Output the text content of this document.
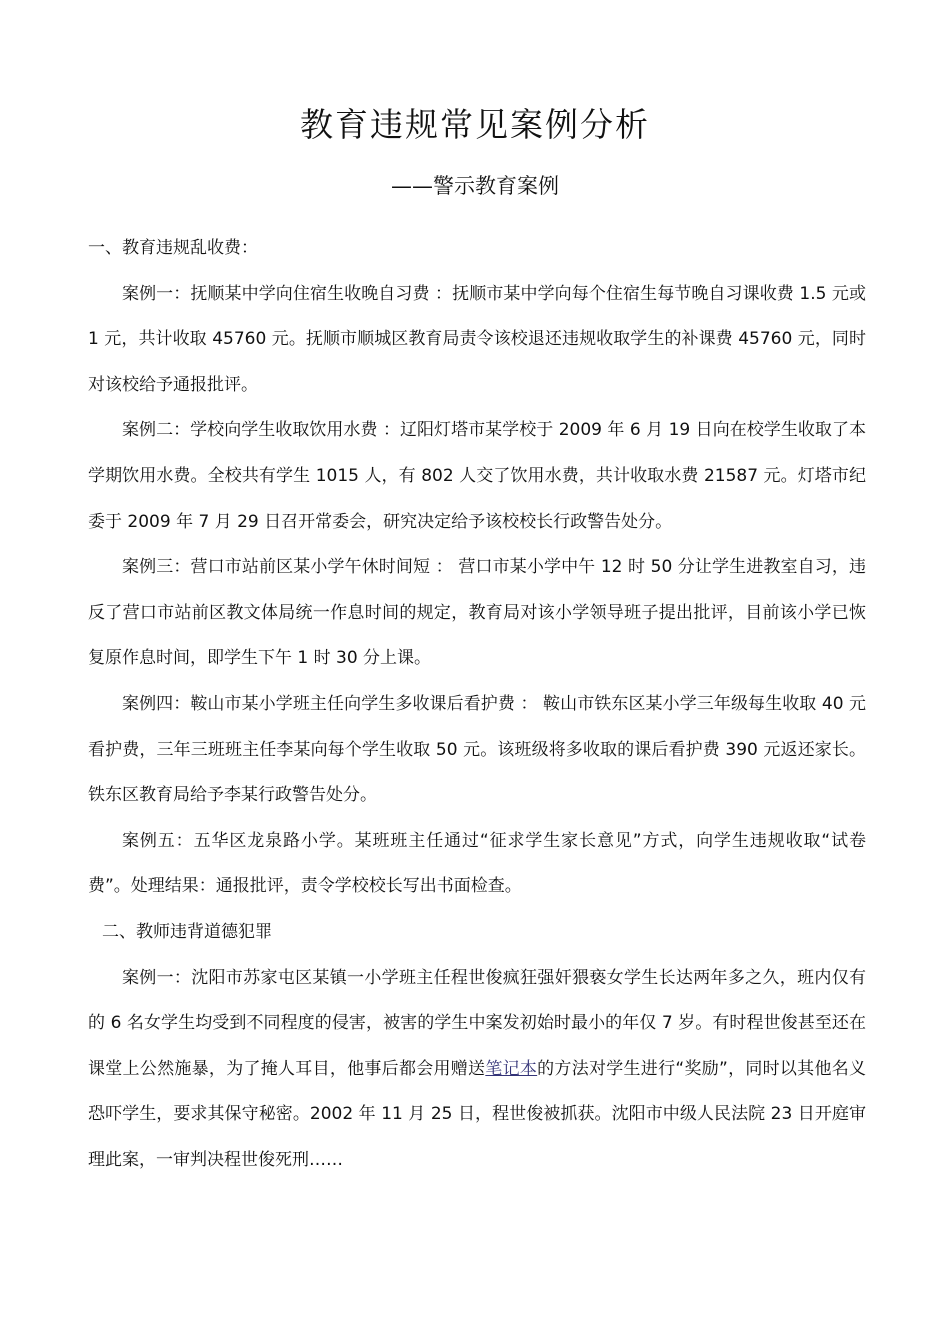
教育违规常见案例分析
——警示教育案例

一、教育违规乱收费：

案例一：抚顺某中学向住宿生收晚自习费 ：抚顺市某中学向每个住宿生每节晚自习课收费 1.5 元或 1 元，共计收取 45760 元。抚顺市顺城区教育局责令该校退还违规收取学生的补课费 45760 元，同时对该校给予通报批评。

案例二：学校向学生收取饮用水费 ：辽阳灯塔市某学校于 2009 年 6 月 19 日向在校学生收取了本学期饮用水费。全校共有学生 1015 人，有 802 人交了饮用水费，共计收取水费 21587 元。灯塔市纪委于 2009 年 7 月 29 日召开常委会，研究决定给予该校校长行政警告处分。

案例三：营口市站前区某小学午休时间短 ： 营口市某小学中午 12 时 50 分让学生进教室自习，违反了营口市站前区教文体局统一作息时间的规定，教育局对该小学领导班子提出批评，目前该小学已恢复原作息时间，即学生下午 1 时 30 分上课。

案例四：鞍山市某小学班主任向学生多收课后看护费 ： 鞍山市铁东区某小学三年级每生收取 40 元看护费，三年三班班主任李某向每个学生收取 50 元。该班级将多收取的课后看护费 390 元返还家长。铁东区教育局给予李某行政警告处分。

案例五：五华区龙泉路小学。某班班主任通过“征求学生家长意见”方式，向学生违规收取“试卷费”。处理结果：通报批评，责令学校校长写出书面检查。

二、教师违背道德犯罪

案例一：沈阳市苏家屯区某镇一小学班主任程世俊疯狂强奸猥亵女学生长达两年多之久，班内仅有的 6 名女学生均受到不同程度的侵害，被害的学生中案发初始时最小的年仅 7 岁。有时程世俊甚至还在课堂上公然施暴，为了掩人耳目，他事后都会用赠送笔记本的方法对学生进行“奖励”，同时以其他名义恐吓学生，要求其保守秘密。2002 年 11 月 25 日，程世俊被抓获。沈阳市中级人民法院 23 日开庭审理此案，一审判决程世俊死刑……
